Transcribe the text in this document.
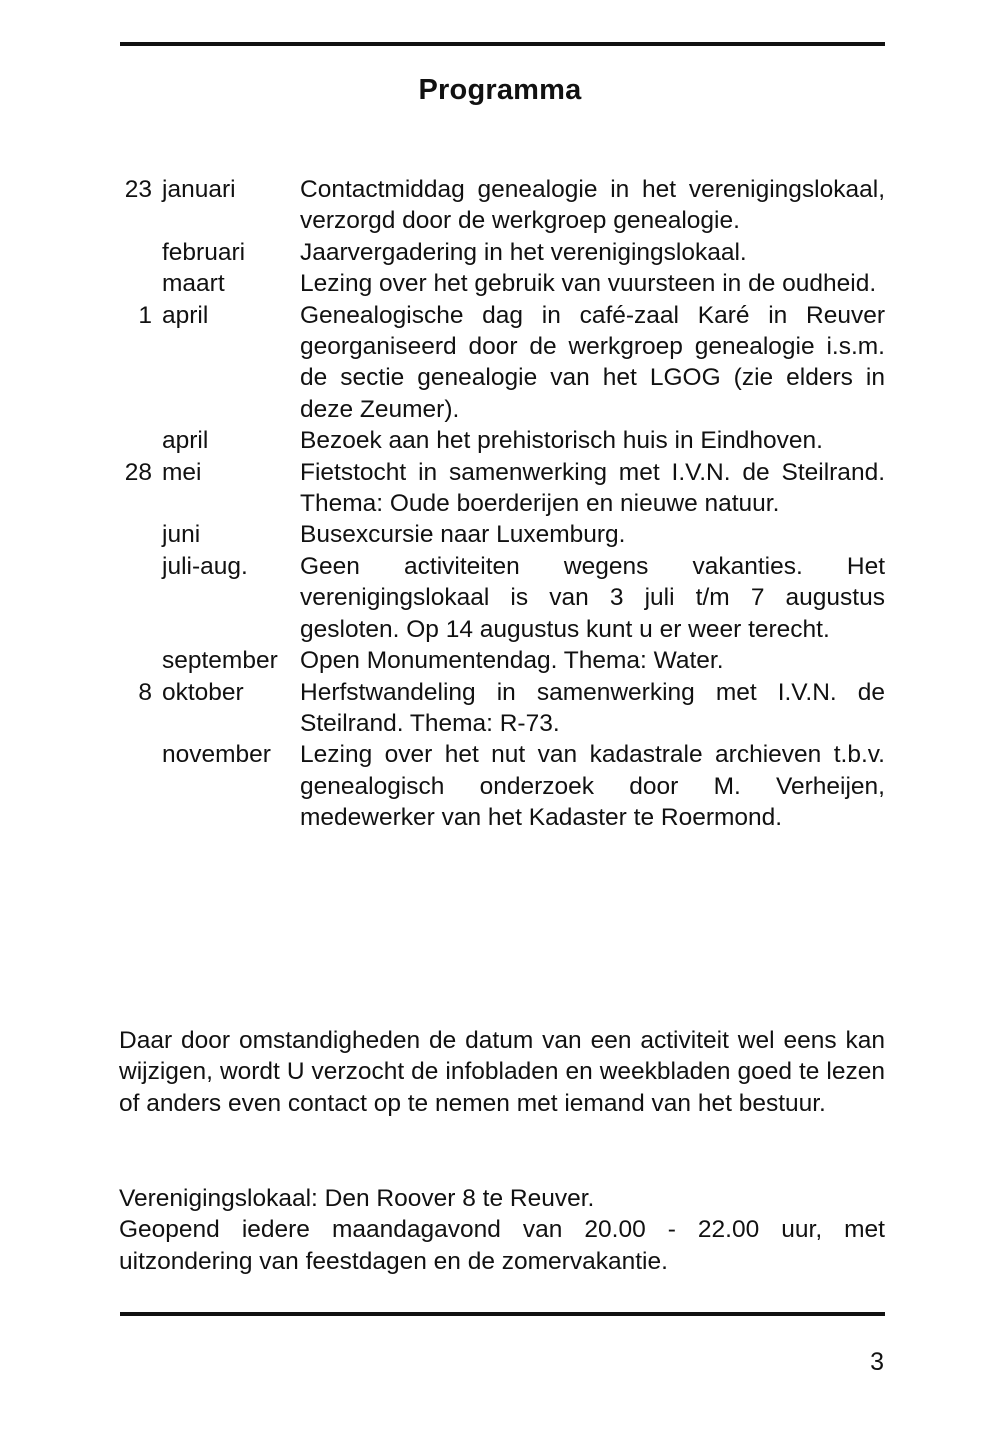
Programma
23 januari	Contactmiddag genealogie in het verenigingslokaal, verzorgd door de werkgroep genealogie.
februari	Jaarvergadering in het verenigingslokaal.
maart	Lezing over het gebruik van vuursteen in de oudheid.
1 april	Genealogische dag in café-zaal Karé in Reuver georganiseerd door de werkgroep genealogie i.s.m. de sectie genealogie van het LGOG (zie elders in deze Zeumer).
april	Bezoek aan het prehistorisch huis in Eindhoven.
28 mei	Fietstocht in samenwerking met I.V.N. de Steilrand. Thema: Oude boerderijen en nieuwe natuur.
juni	Busexcursie naar Luxemburg.
juli-aug.	Geen activiteiten wegens vakanties. Het verenigingslokaal is van 3 juli t/m 7 augustus gesloten. Op 14 augustus kunt u er weer terecht.
september Open Monumentendag. Thema: Water.
8 oktober	Herfstwandeling in samenwerking met I.V.N. de Steilrand. Thema: R-73.
november	Lezing over het nut van kadastrale archieven t.b.v. genealogisch onderzoek door M. Verheijen, medewerker van het Kadaster te Roermond.
Daar door omstandigheden de datum van een activiteit wel eens kan wijzigen, wordt U verzocht de infobladen en weekbladen goed te lezen of anders even contact op te nemen met iemand van het bestuur.
Verenigingslokaal: Den Roover 8 te Reuver.
Geopend iedere maandagavond van 20.00 - 22.00 uur, met uitzondering van feestdagen en de zomervakantie.
3
